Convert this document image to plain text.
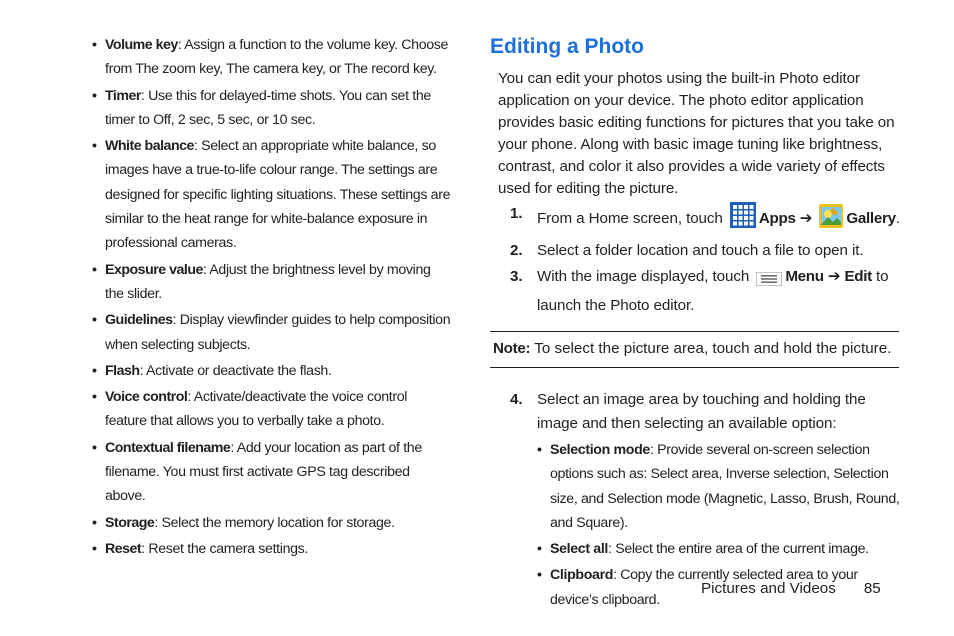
• Volume key: Assign a function to the volume key. Choose from The zoom key, The camera key, or The record key.
• Timer: Use this for delayed-time shots. You can set the timer to Off, 2 sec, 5 sec, or 10 sec.
• White balance: Select an appropriate white balance, so images have a true-to-life colour range. The settings are designed for specific lighting situations. These settings are similar to the heat range for white-balance exposure in professional cameras.
• Exposure value: Adjust the brightness level by moving the slider.
• Guidelines: Display viewfinder guides to help composition when selecting subjects.
• Flash: Activate or deactivate the flash.
• Voice control: Activate/deactivate the voice control feature that allows you to verbally take a photo.
• Contextual filename: Add your location as part of the filename. You must first activate GPS tag described above.
• Storage: Select the memory location for storage.
• Reset: Reset the camera settings.
Editing a Photo

You can edit your photos using the built-in Photo editor application on your device. The photo editor application provides basic editing functions for pictures that you take on your phone. Along with basic image tuning like brightness, contrast, and color it also provides a wide variety of effects used for editing the picture.

1. From a Home screen, touch Apps ➔ Gallery.
2. Select a folder location and touch a file to open it.
3. With the image displayed, touch Menu ➔ Edit to launch the Photo editor.
Note: To select the picture area, touch and hold the picture.
4. Select an image area by touching and holding the image and then selecting an available option:
• Selection mode: Provide several on-screen selection options such as: Select area, Inverse selection, Selection size, and Selection mode (Magnetic, Lasso, Brush, Round, and Square).
• Select all: Select the entire area of the current image.
• Clipboard: Copy the currently selected area to your device’s clipboard.
Pictures and Videos 85
